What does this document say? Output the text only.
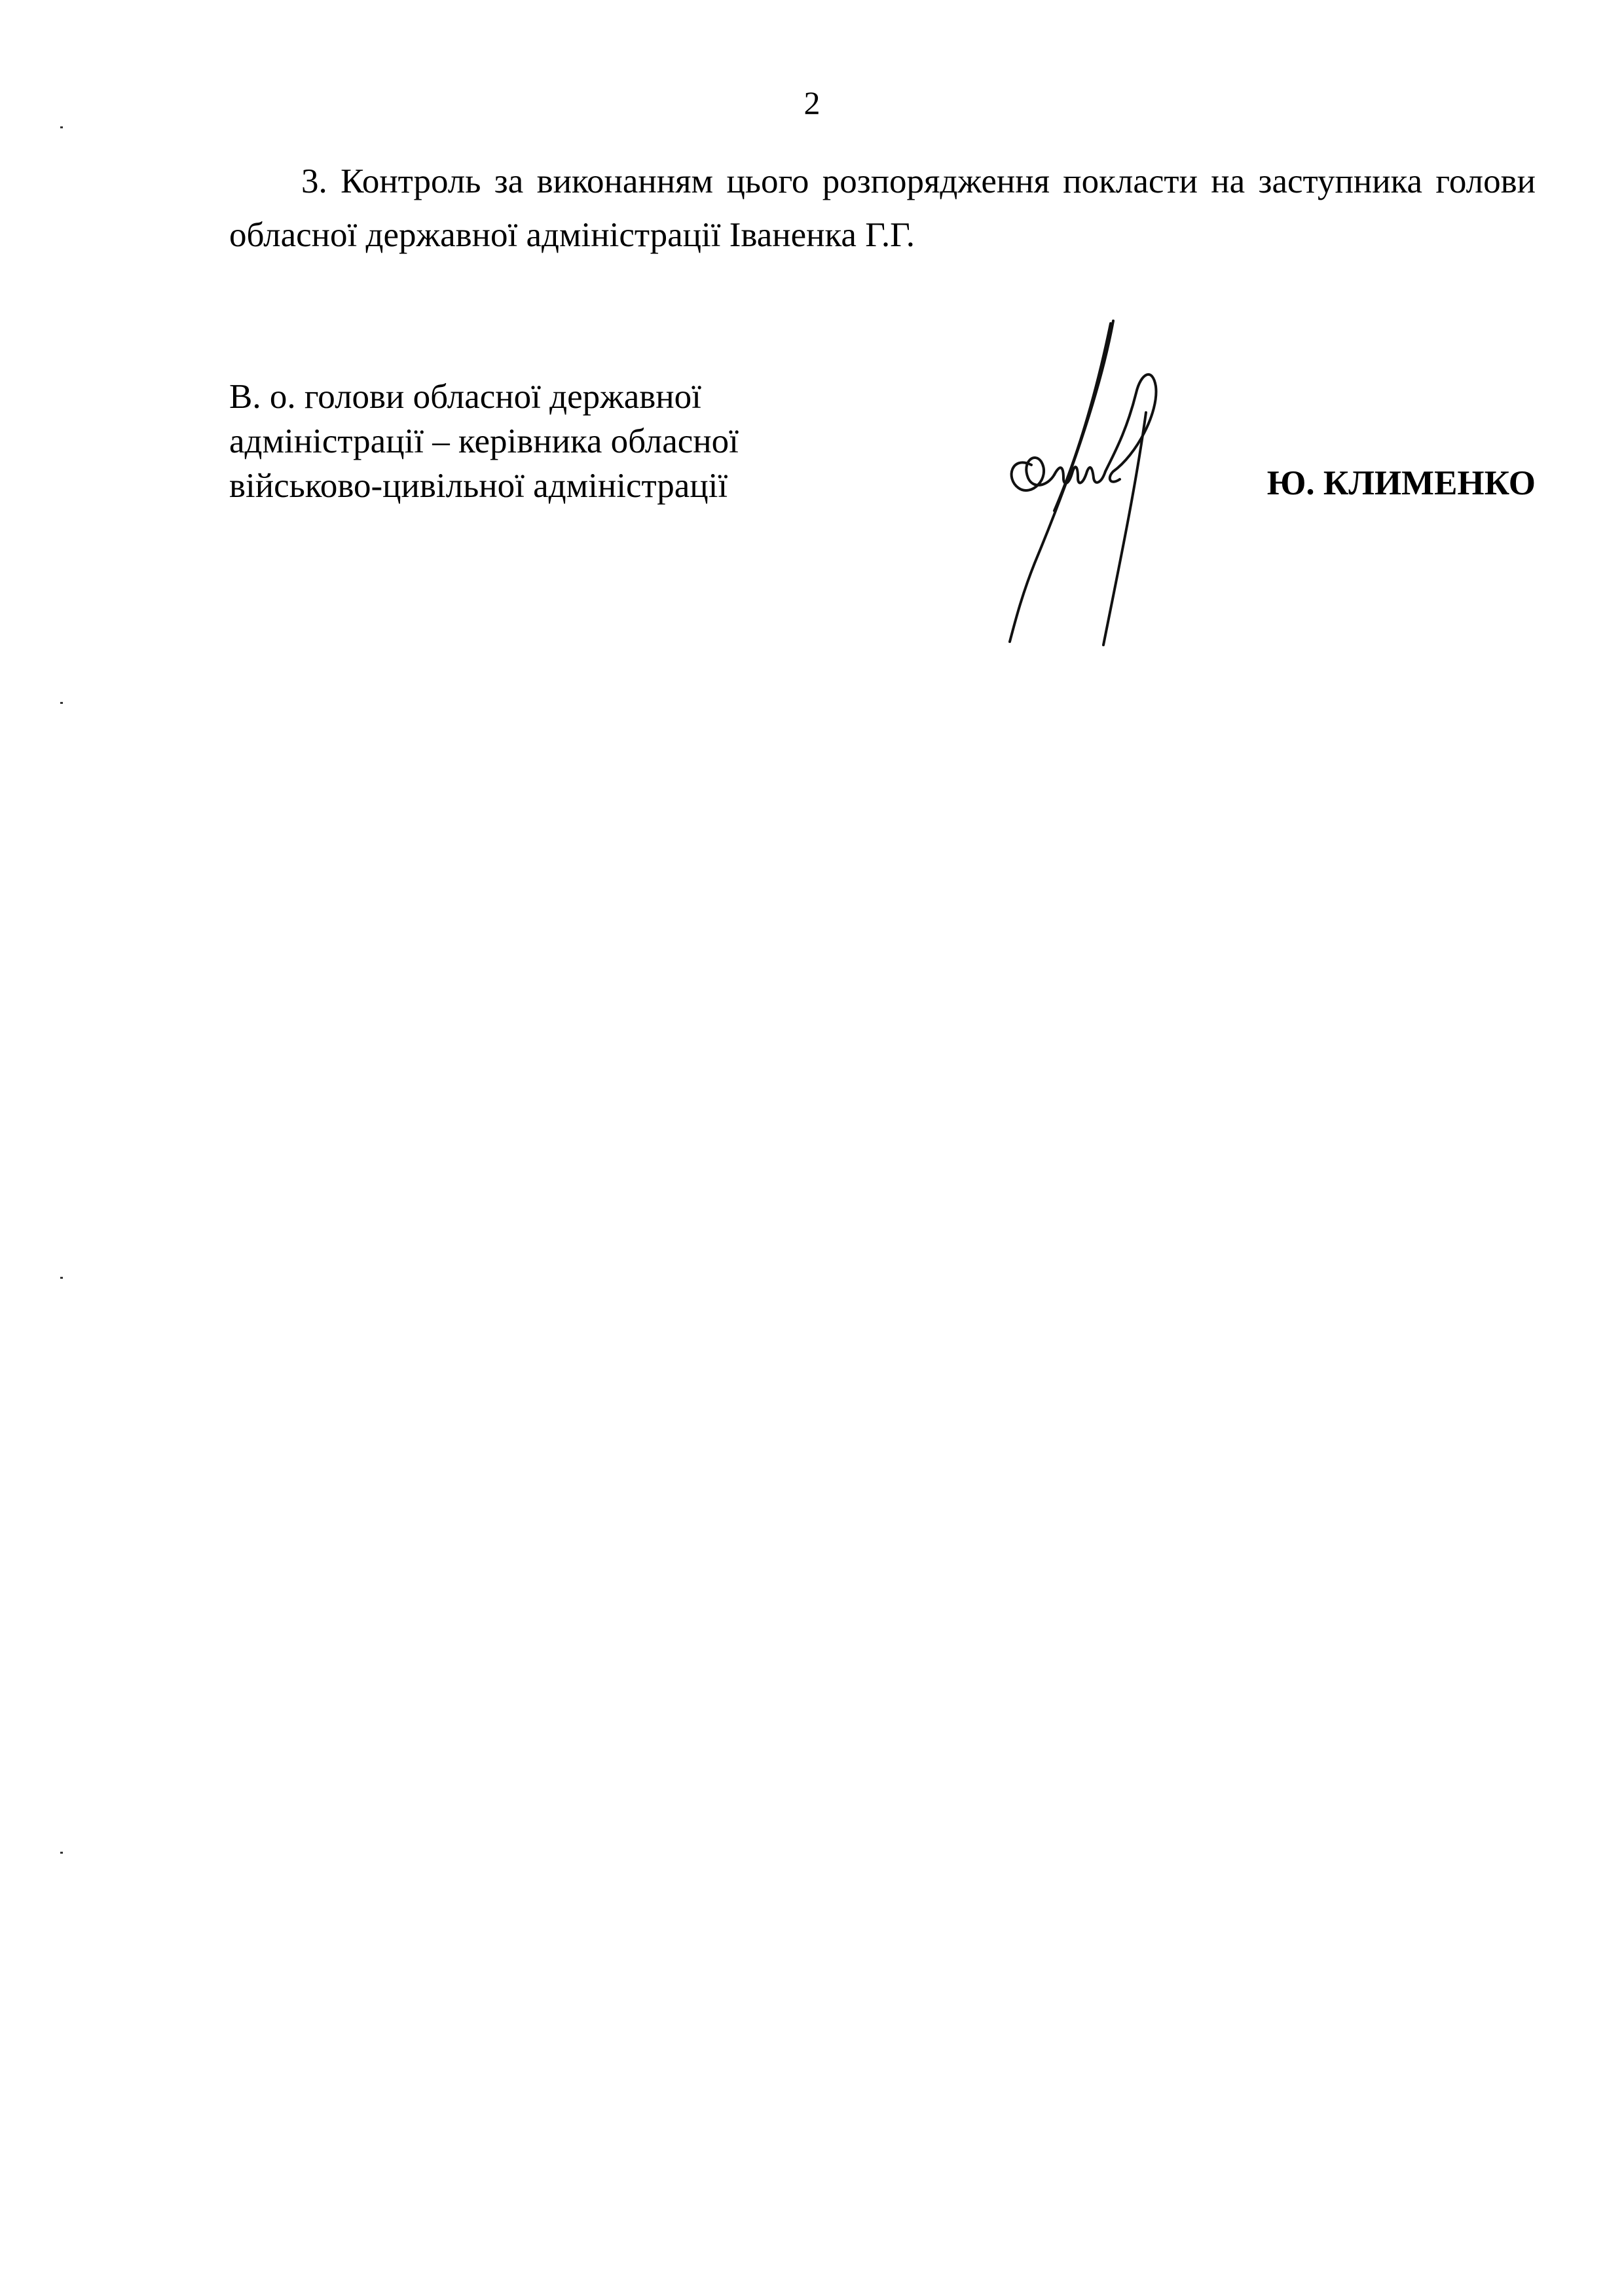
2

3. Контроль за виконанням цього розпорядження покласти на заступника голови обласної державної адміністрації Іваненка Г.Г.

В. о. голови обласної державної
адміністрації – керівника обласної
військово-цивільної адміністрації	Ю. КЛИМЕНКО
